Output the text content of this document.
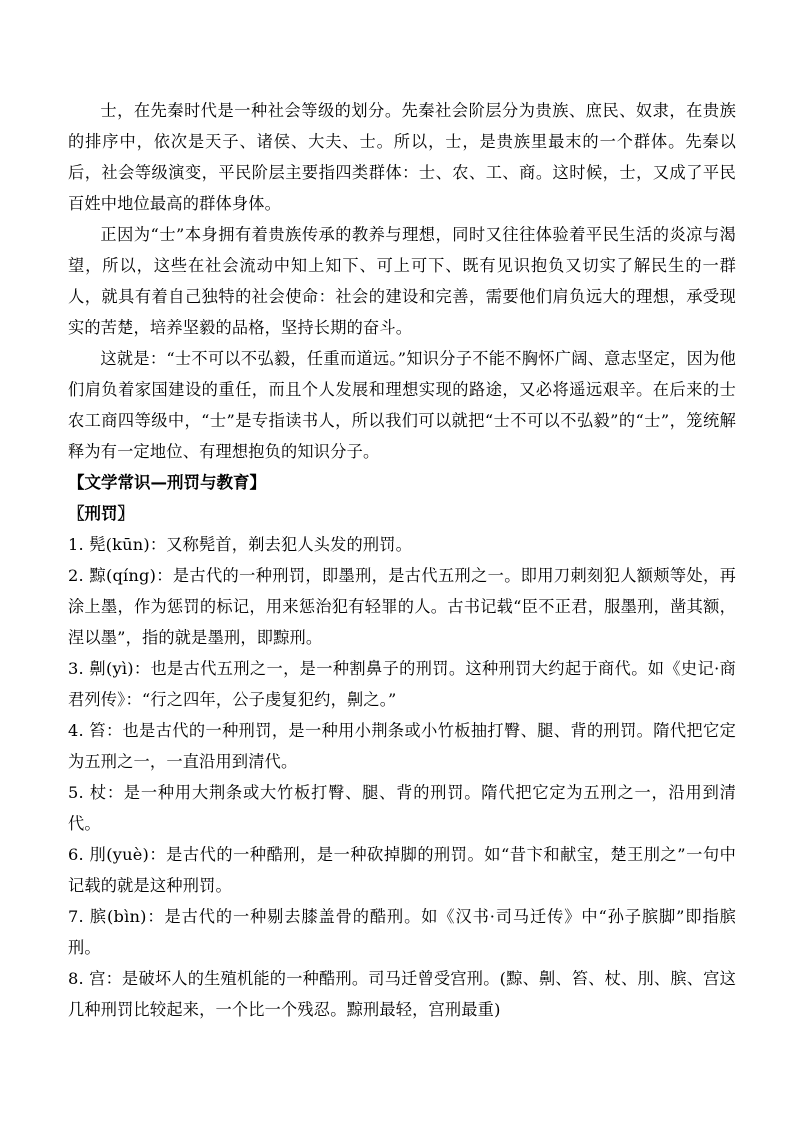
士，在先秦时代是一种社会等级的划分。先秦社会阶层分为贵族、庶民、奴隶，在贵族的排序中，依次是天子、诸侯、大夫、士。所以，士，是贵族里最末的一个群体。先秦以后，社会等级演变，平民阶层主要指四类群体：士、农、工、商。这时候，士，又成了平民百姓中地位最高的群体身体。

正因为“士”本身拥有着贵族传承的教养与理想，同时又往往体验着平民生活的炎凉与渴望，所以，这些在社会流动中知上知下、可上可下、既有见识抱负又切实了解民生的一群人，就具有着自己独特的社会使命：社会的建设和完善，需要他们肩负远大的理想，承受现实的苦楚，培养坚毅的品格，坚持长期的奋斗。

这就是：“士不可以不弘毅，任重而道远。”知识分子不能不胸怀广阔、意志坚定，因为他们肩负着家国建设的重任，而且个人发展和理想实现的路途，又必将遥远艰辛。在后来的士农工商四等级中，“士”是专指读书人，所以我们可以就把“士不可以不弘毅”的“士”，笼统解释为有一定地位、有理想抱负的知识分子。

【文学常识—刑罚与教育】
〖刑罚〗
1. 髡(kūn)：又称髡首，剃去犯人头发的刑罚。
2. 黥(qíng)：是古代的一种刑罚，即墨刑，是古代五刑之一。即用刀刺刻犯人额颊等处，再涂上墨，作为惩罚的标记，用来惩治犯有轻罪的人。古书记载“臣不正君，服墨刑，凿其额，涅以墨”，指的就是墨刑，即黥刑。
3. 劓(yì)：也是古代五刑之一，是一种割鼻子的刑罚。这种刑罚大约起于商代。如《史记·商君列传》：“行之四年，公子虔复犯约，劓之。”
4. 笞：也是古代的一种刑罚，是一种用小荆条或小竹板抽打臀、腿、背的刑罚。隋代把它定为五刑之一，一直沿用到清代。
5. 杖：是一种用大荆条或大竹板打臀、腿、背的刑罚。隋代把它定为五刑之一，沿用到清代。
6. 刖(yuè)：是古代的一种酷刑，是一种砍掉脚的刑罚。如“昔卞和献宝，楚王刖之”一句中记载的就是这种刑罚。
7. 膑(bìn)：是古代的一种剔去膝盖骨的酷刑。如《汉书·司马迁传》中“孙子膑脚”即指膑刑。
8. 宫：是破坏人的生殖机能的一种酷刑。司马迁曾受宫刑。(黥、劓、笞、杖、刖、膑、宫这几种刑罚比较起来，一个比一个残忍。黥刑最轻，宫刑最重)
